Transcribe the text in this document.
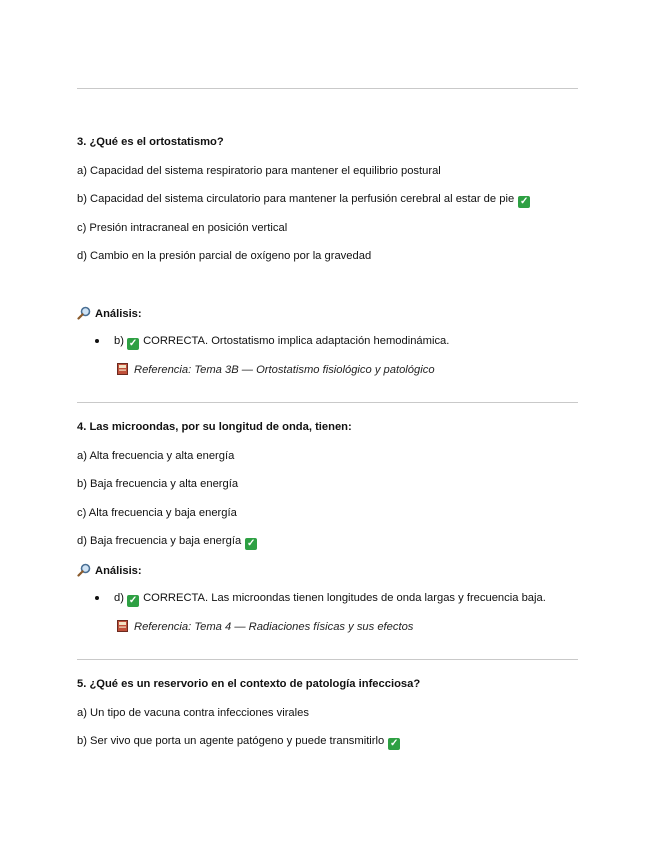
3. ¿Qué es el ortostatismo?
a) Capacidad del sistema respiratorio para mantener el equilibrio postural
b) Capacidad del sistema circulatorio para mantener la perfusión cerebral al estar de pie ✓
c) Presión intracraneal en posición vertical
d) Cambio en la presión parcial de oxígeno por la gravedad
Análisis:
b) ✓ CORRECTA. Ortostatismo implica adaptación hemodinámica.
Referencia: Tema 3B — Ortostatismo fisiológico y patológico
4. Las microondas, por su longitud de onda, tienen:
a) Alta frecuencia y alta energía
b) Baja frecuencia y alta energía
c) Alta frecuencia y baja energía
d) Baja frecuencia y baja energía ✓
Análisis:
d) ✓ CORRECTA. Las microondas tienen longitudes de onda largas y frecuencia baja.
Referencia: Tema 4 — Radiaciones físicas y sus efectos
5. ¿Qué es un reservorio en el contexto de patología infecciosa?
a) Un tipo de vacuna contra infecciones virales
b) Ser vivo que porta un agente patógeno y puede transmitirlo ✓
